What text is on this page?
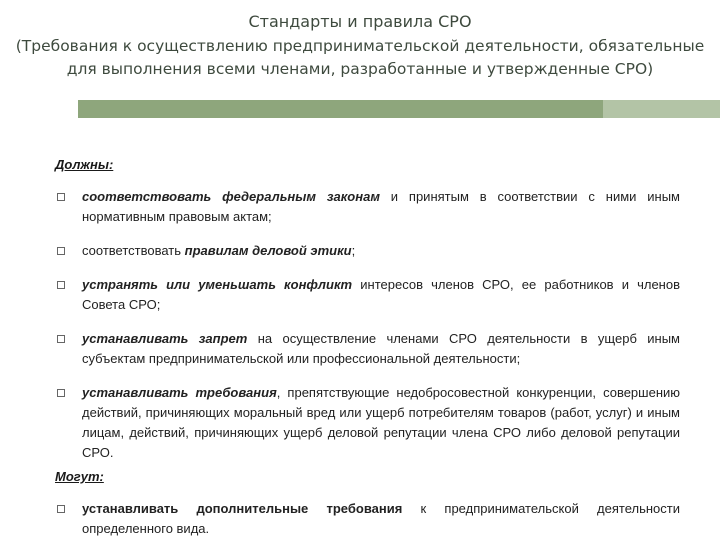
Стандарты и правила СРО
(Требования к осуществлению предпринимательской деятельности, обязательные
для выполнения всеми членами, разработанные и утвержденные СРО)
Должны:
соответствовать федеральным законам и принятым в соответствии с ними иным нормативным правовым актам;
соответствовать правилам деловой этики;
устранять или уменьшать конфликт интересов членов СРО, ее работников и членов Совета СРО;
устанавливать запрет на осуществление членами СРО деятельности в ущерб иным субъектам предпринимательской или профессиональной деятельности;
устанавливать требования, препятствующие недобросовестной конкуренции, совершению действий, причиняющих моральный вред или ущерб потребителям товаров (работ, услуг) и иным лицам, действий, причиняющих ущерб деловой репутации члена СРО либо деловой репутации СРО.
Могут:
устанавливать дополнительные требования к предпринимательской деятельности определенного вида.
